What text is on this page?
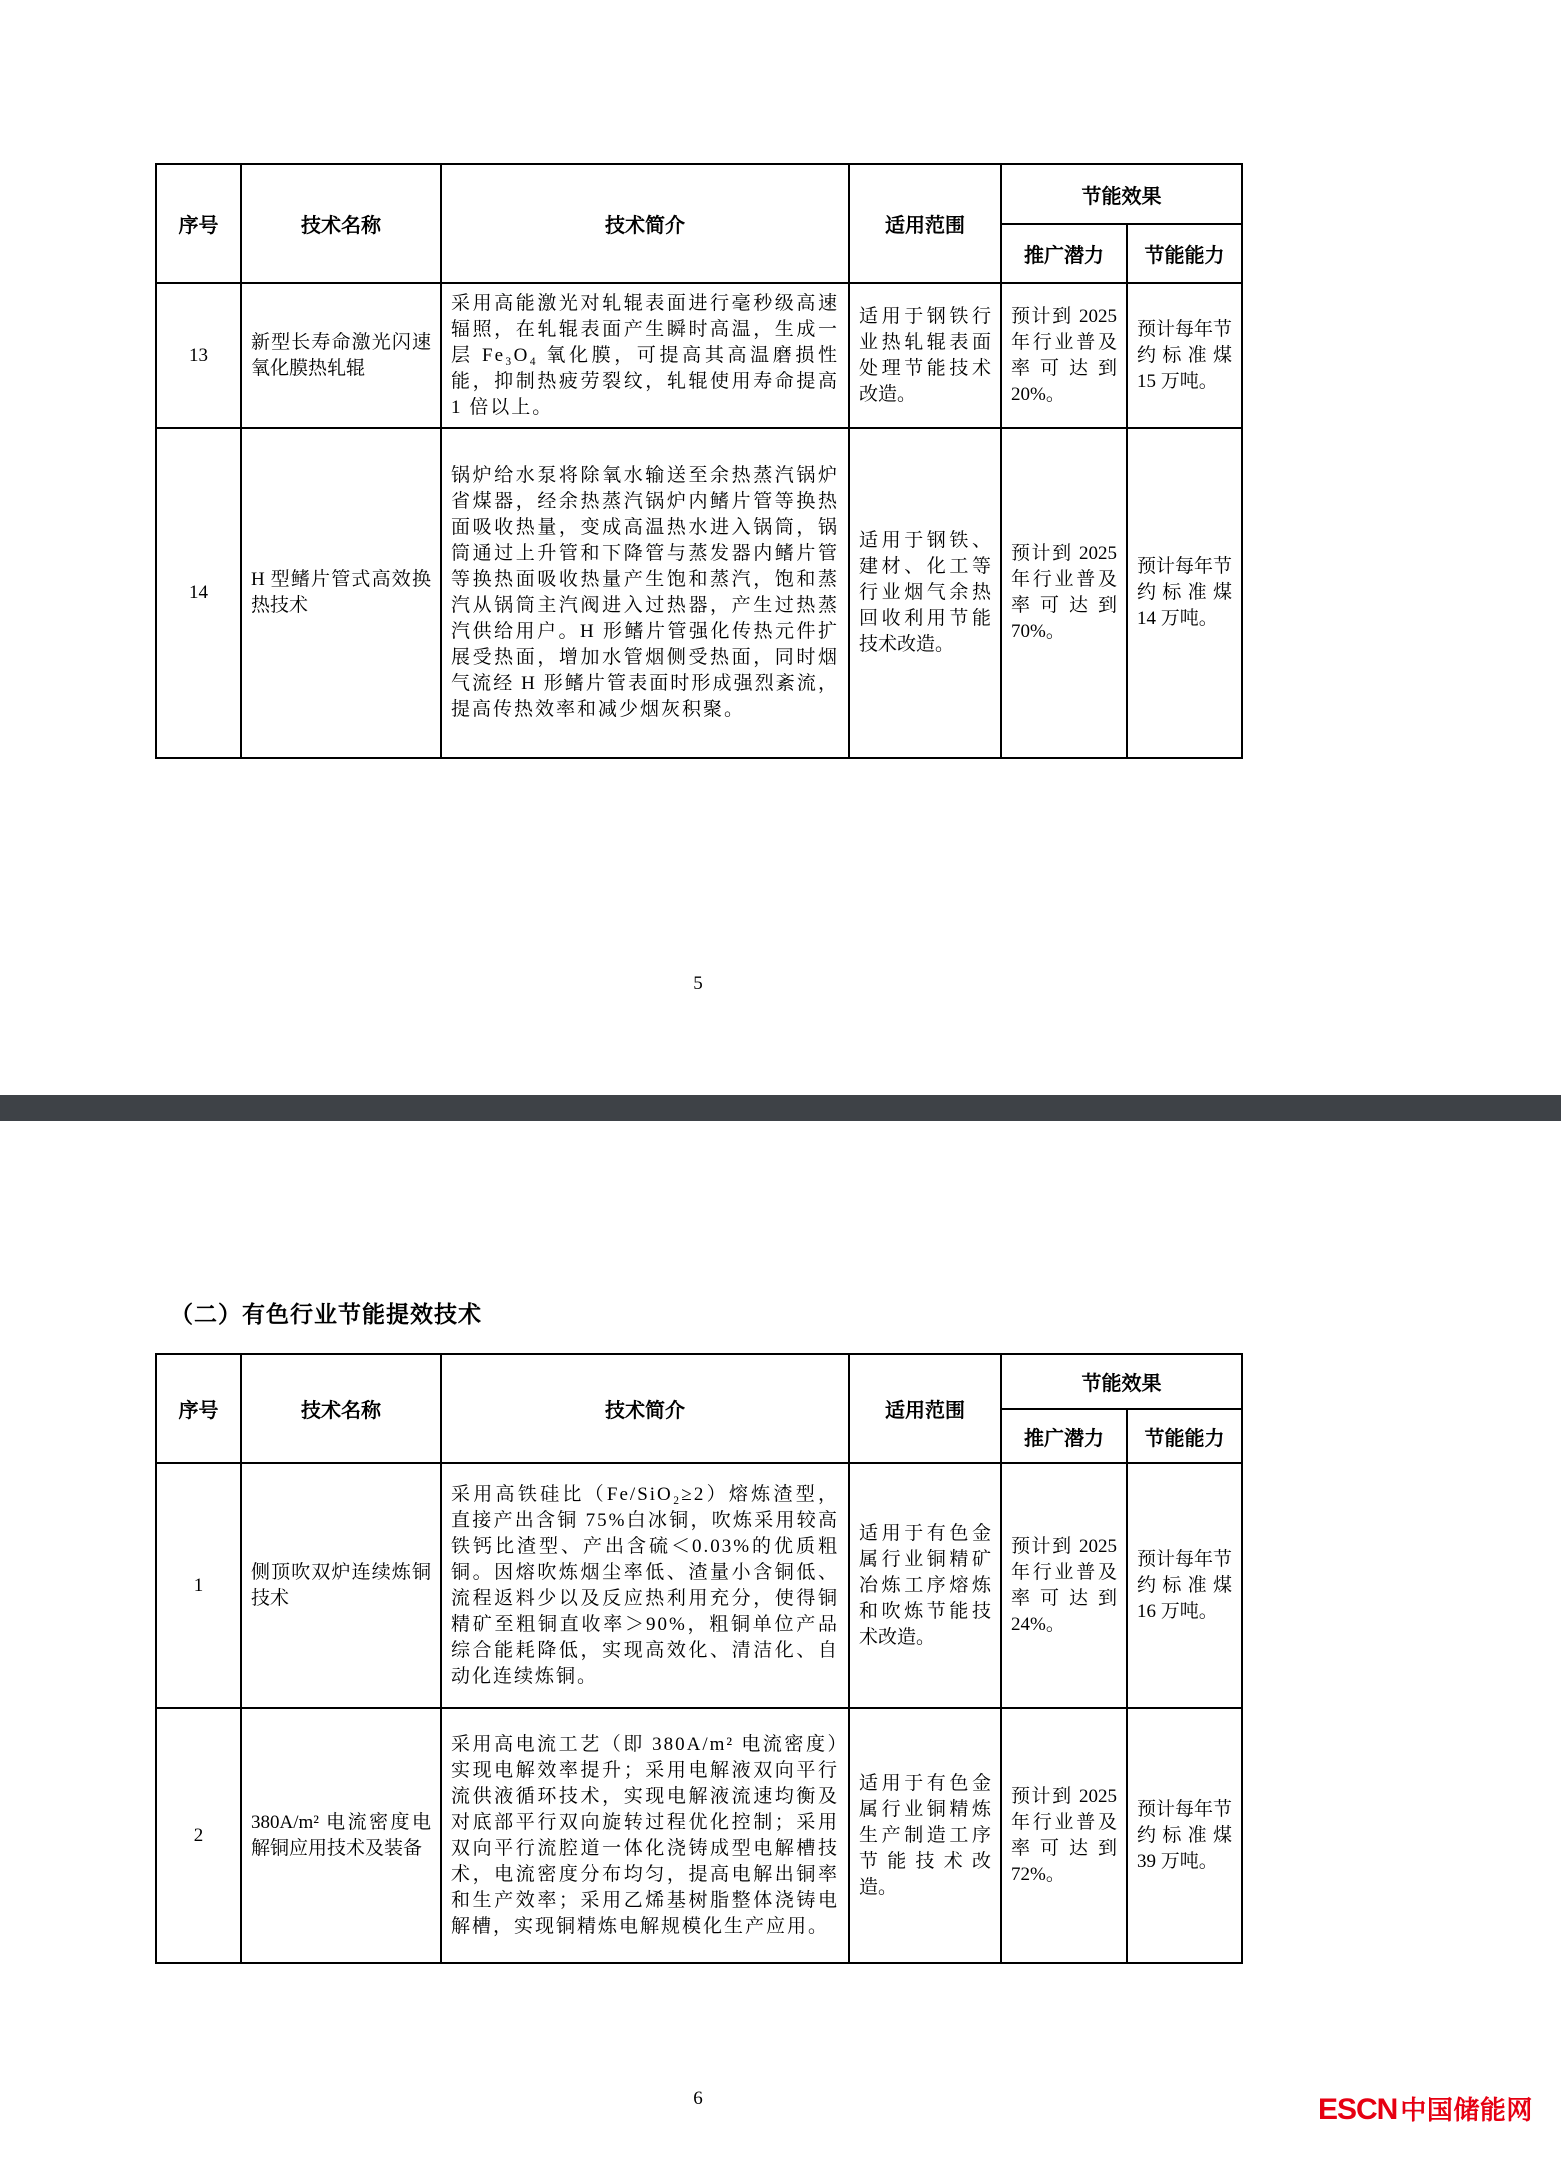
序号	技术名称	技术简介	适用范围	节能效果	
				推广潜力	节能能力
13	新型长寿命激光闪速氧化膜热轧辊	采用高能激光对轧辊表面进行毫秒级高速辐照，在轧辊表面产生瞬时高温，生成一层 Fe₃O₄ 氧化膜，可提高其高温磨损性能，抑制热疲劳裂纹，轧辊使用寿命提高 1 倍以上。	适用于钢铁行业热轧辊表面处理节能技术改造。	预计到 2025 年行业普及率可达到 20%。	预计每年节约标准煤 15 万吨。
14	H 型鳍片管式高效换热技术	锅炉给水泵将除氧水输送至余热蒸汽锅炉省煤器，经余热蒸汽锅炉内鳍片管等换热面吸收热量，变成高温热水进入锅筒，锅筒通过上升管和下降管与蒸发器内鳍片管等换热面吸收热量产生饱和蒸汽，饱和蒸汽从锅筒主汽阀进入过热器，产生过热蒸汽供给用户。H 形鳍片管强化传热元件扩展受热面，增加水管烟侧受热面，同时烟气流经 H 形鳍片管表面时形成强烈紊流，提高传热效率和减少烟灰积聚。	适用于钢铁、建材、化工等行业烟气余热回收利用节能技术改造。	预计到 2025 年行业普及率可达到 70%。	预计每年节约标准煤 14 万吨。
5
（二）有色行业节能提效技术
序号	技术名称	技术简介	适用范围	节能效果	
				推广潜力	节能能力
1	侧顶吹双炉连续炼铜技术	采用高铁硅比（Fe/SiO₂≥2）熔炼渣型，直接产出含铜 75%白冰铜，吹炼采用较高铁钙比渣型、产出含硫＜0.03%的优质粗铜。因熔吹炼烟尘率低、渣量小含铜低、流程返料少以及反应热利用充分，使得铜精矿至粗铜直收率＞90%，粗铜单位产品综合能耗降低，实现高效化、清洁化、自动化连续炼铜。	适用于有色金属行业铜精矿冶炼工序熔炼和吹炼节能技术改造。	预计到 2025 年行业普及率可达到 24%。	预计每年节约标准煤 16 万吨。
2	380A/m² 电流密度电解铜应用技术及装备	采用高电流工艺（即 380A/m² 电流密度）实现电解效率提升；采用电解液双向平行流供液循环技术，实现电解液流速均衡及对底部平行双向旋转过程优化控制；采用双向平行流腔道一体化浇铸成型电解槽技术，电流密度分布均匀，提高电解出铜率和生产效率；采用乙烯基树脂整体浇铸电解槽，实现铜精炼电解规模化生产应用。	适用于有色金属行业铜精炼生产制造工序节能技术改造。	预计到 2025 年行业普及率可达到 72%。	预计每年节约标准煤 39 万吨。
6	ESCN 中国储能网
